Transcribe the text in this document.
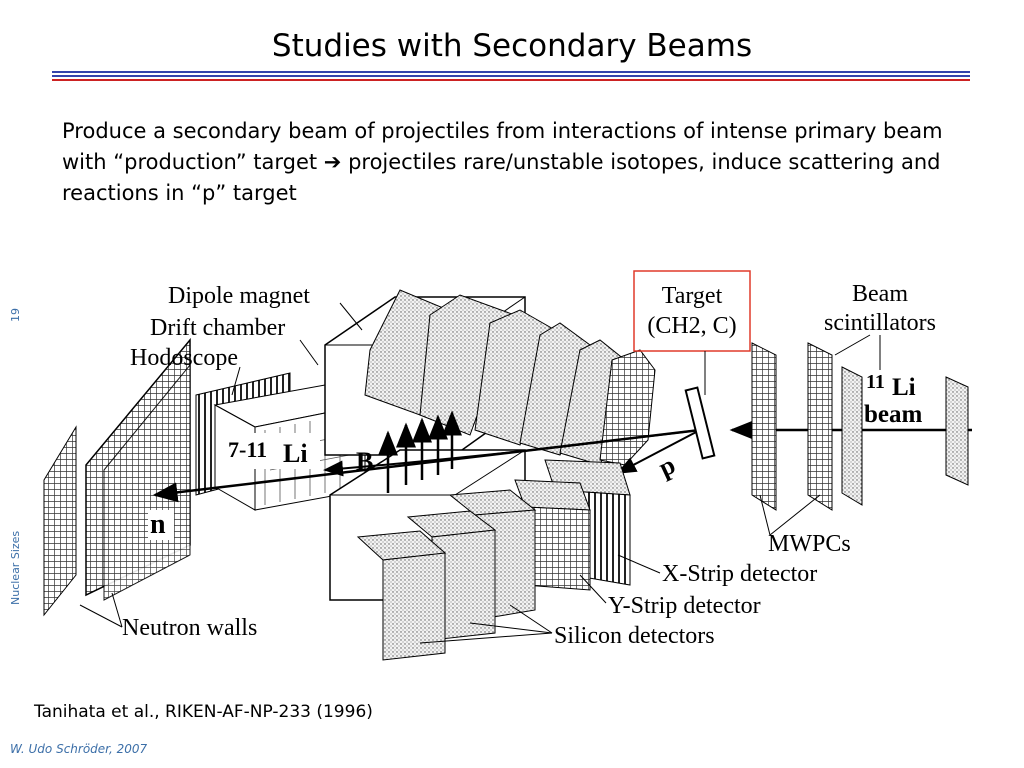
Studies with Secondary Beams
Produce a secondary beam of projectiles from interactions of intense primary beam with “production” target ➔ projectiles rare/unstable isotopes, induce scattering and reactions in “p” target
19
Nuclear Sizes
Dipole magnet
Drift chamber
Hodoscope
Target
(CH2, C)
Beam
scintillators
11 Li
beam
7-11 Li B
n
p
MWPCs
X-Strip detector
Y-Strip detector
Silicon detectors
Neutron walls
Tanihata et al., RIKEN-AF-NP-233 (1996)
W. Udo Schröder, 2007
